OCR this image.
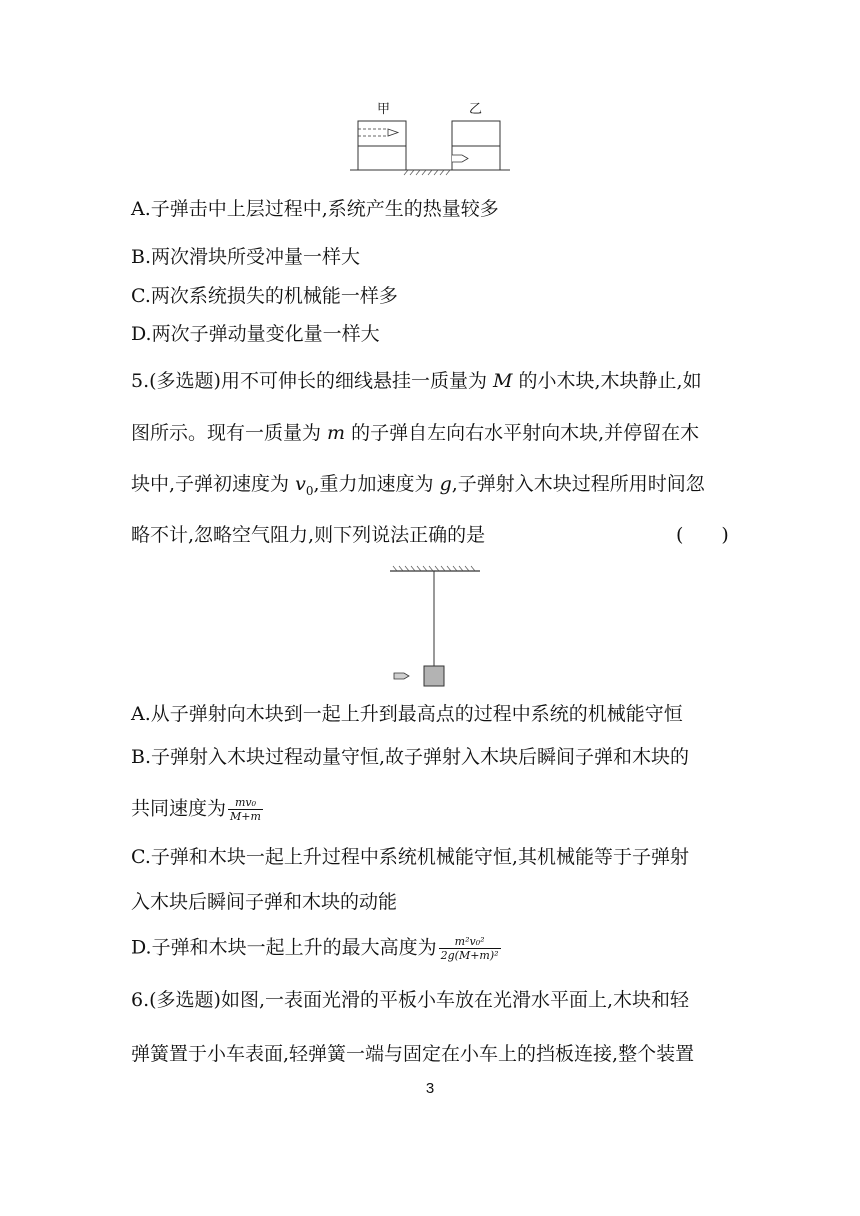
甲	乙
A.子弹击中上层过程中,系统产生的热量较多
B.两次滑块所受冲量一样大
C.两次系统损失的机械能一样多
D.两次子弹动量变化量一样大
5.(多选题)用不可伸长的细线悬挂一质量为 M 的小木块,木块静止,如
图所示。现有一质量为 m 的子弹自左向右水平射向木块,并停留在木
块中,子弹初速度为 $v_0$,重力加速度为 g,子弹射入木块过程所用时间忽
略不计,忽略空气阻力,则下列说法正确的是	(　　)
A.从子弹射向木块到一起上升到最高点的过程中系统的机械能守恒
B.子弹射入木块过程动量守恒,故子弹射入木块后瞬间子弹和木块的
共同速度为 $\frac{\text{mv₀}}{M+m}$
C.子弹和木块一起上升过程中系统机械能守恒,其机械能等于子弹射
入木块后瞬间子弹和木块的动能
D.子弹和木块一起上升的最大高度为 $\frac{\text{m²v₀²}}{\text{2g(M+m)²}}$
6.(多选题)如图,一表面光滑的平板小车放在光滑水平面上,木块和轻
弹簧置于小车表面,轻弹簧一端与固定在小车上的挡板连接,整个装置
3
